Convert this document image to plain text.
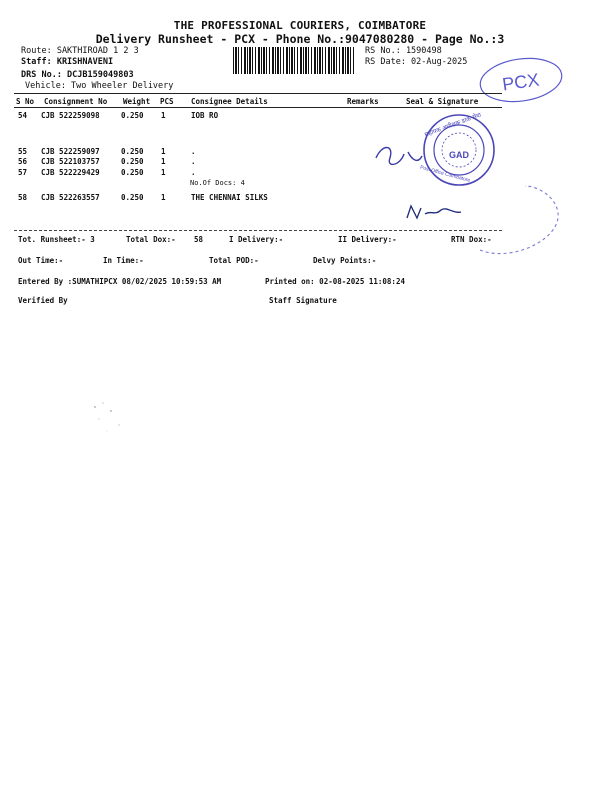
THE PROFESSIONAL COURIERS, COIMBATORE
Delivery Runsheet - PCX - Phone No.:9047080280 - Page No.:3
Route: SAKTHIROAD 1 2 3
Staff: KRISHNAVENI
DRS No.: DCJB159049803
Vehicle: Two Wheeler Delivery
RS No.: 1590498
RS Date: 02-Aug-2025
PCX
S No Consignment No Weight PCS Consignee Details	Remarks	Seal & Signature
54 CJB 522259098	0.250 1	IOB RO
55 CJB 522259097	0.250 1	.
56 CJB 522103757	0.250 1	.
57 CJB 522229429	0.250 1	.
No.Of Docs: 4
58 CJB 522263557	0.250 1	THE CHENNAI SILKS
सहायक अधीक्षक डाक सेवा
GAD
Post Office Coimbatore
Tot. Runsheet:- 3	Total Dox:- 58	I Delivery:-	II Delivery:-	RTN Dox:-
Out Time:-	In Time:-	Total POD:-	Delvy Points:-
Entered By :SUMATHIPCX 08/02/2025 10:59:53 AM	Printed on: 02-08-2025 11:08:24
Verified By	Staff Signature
